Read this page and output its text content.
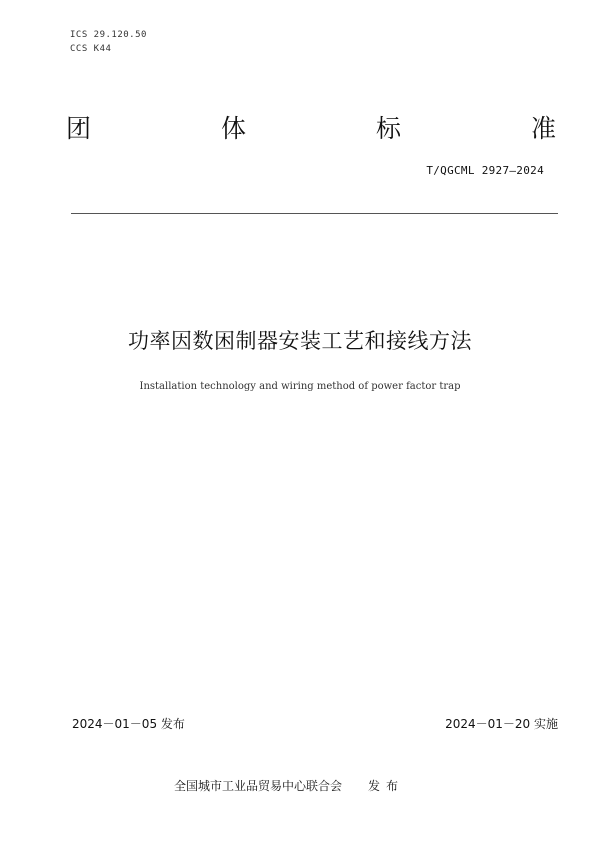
ICS 29.120.50
CCS K44
团	体	标	准
T/QGCML 2927—2024
功率因数困制器安装工艺和接线方法
Installation technology and wiring method of power factor trap
2024－01－05 发布	2024－01－20 实施
全国城市工业品贸易中心联合会 发布
